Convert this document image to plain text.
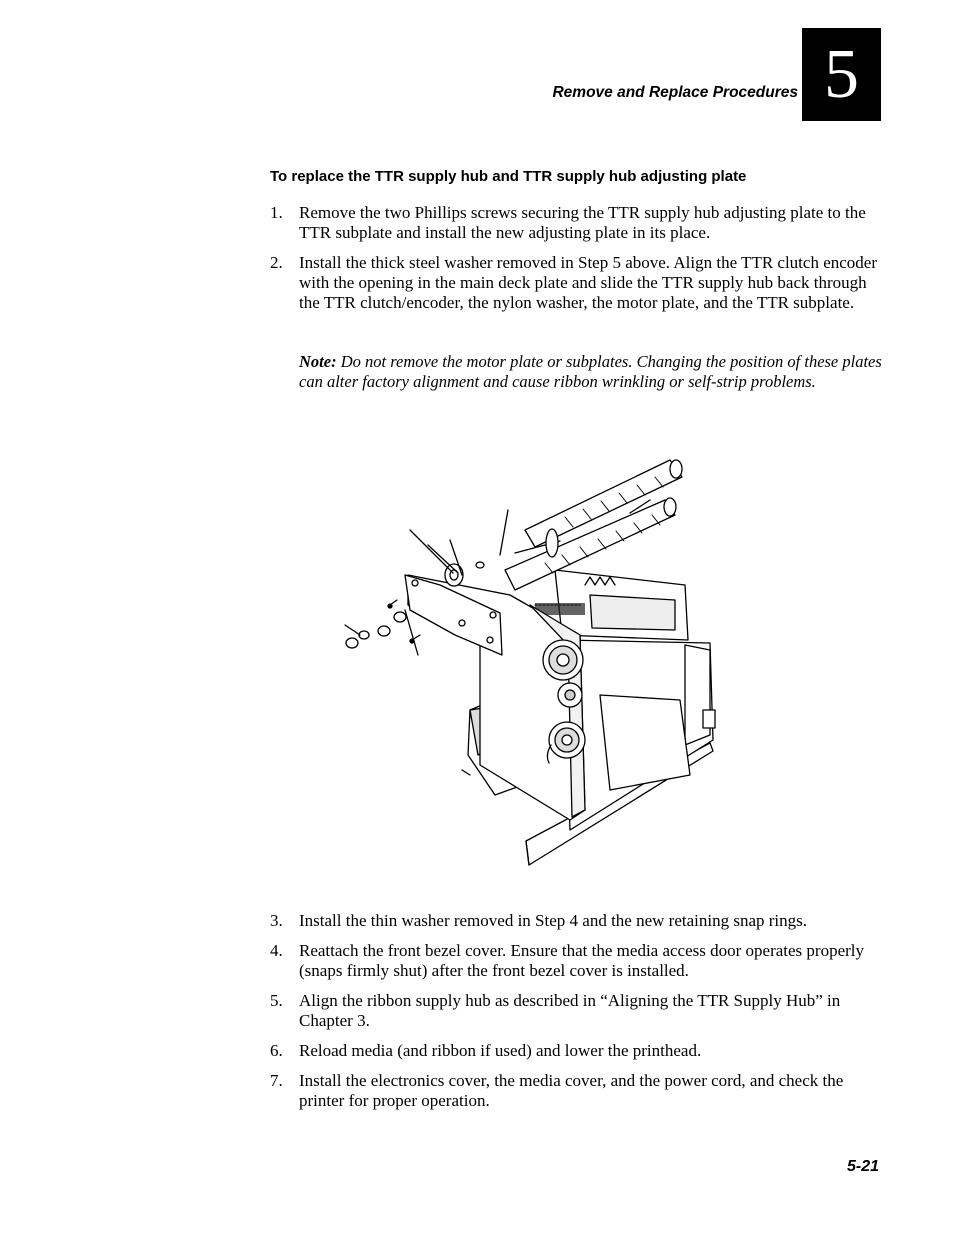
Remove and Replace Procedures 5
To replace the TTR supply hub and TTR supply hub adjusting plate
1. Remove the two Phillips screws securing the TTR supply hub adjusting plate to the TTR subplate and install the new adjusting plate in its place.
2. Install the thick steel washer removed in Step 5 above. Align the TTR clutch encoder with the opening in the main deck plate and slide the TTR supply hub back through the TTR clutch/encoder, the nylon washer, the motor plate, and the TTR subplate.
Note: Do not remove the motor plate or subplates. Changing the position of these plates can alter factory alignment and cause ribbon wrinkling or self-strip problems.
3. Install the thin washer removed in Step 4 and the new retaining snap rings.
4. Reattach the front bezel cover. Ensure that the media access door operates properly (snaps firmly shut) after the front bezel cover is installed.
5. Align the ribbon supply hub as described in “Aligning the TTR Supply Hub” in Chapter 3.
6. Reload media (and ribbon if used) and lower the printhead.
7. Install the electronics cover, the media cover, and the power cord, and check the printer for proper operation.
5-21
